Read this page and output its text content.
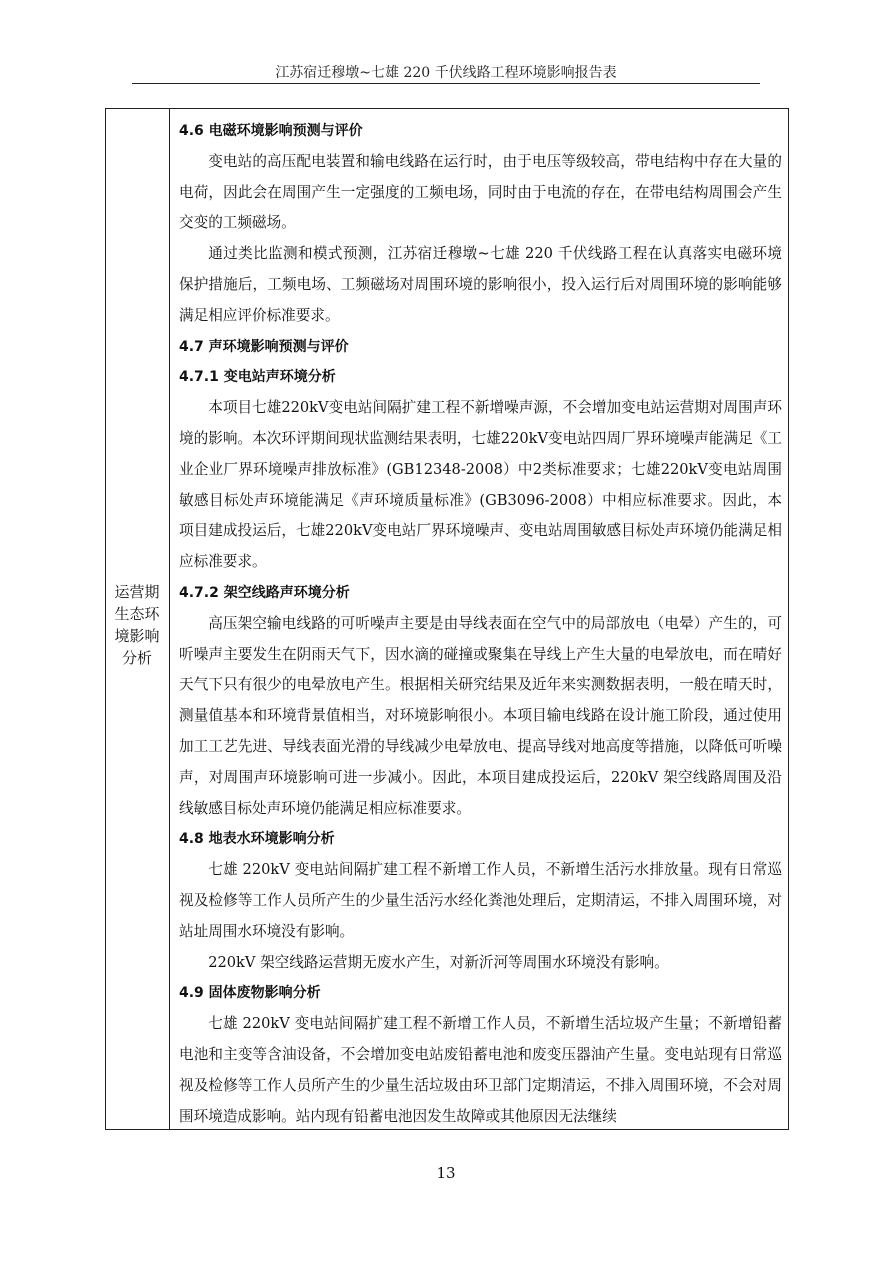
江苏宿迁穆墩~七雄 220 千伏线路工程环境影响报告表
运营期
生态环
境影响
分析
4.6 电磁环境影响预测与评价

变电站的高压配电装置和输电线路在运行时，由于电压等级较高，带电结构中存在大量的电荷，因此会在周围产生一定强度的工频电场，同时由于电流的存在，在带电结构周围会产生交变的工频磁场。

通过类比监测和模式预测，江苏宿迁穆墩~七雄 220 千伏线路工程在认真落实电磁环境保护措施后，工频电场、工频磁场对周围环境的影响很小，投入运行后对周围环境的影响能够满足相应评价标准要求。

4.7 声环境影响预测与评价
4.7.1 变电站声环境分析

本项目七雄220kV变电站间隔扩建工程不新增噪声源，不会增加变电站运营期对周围声环境的影响。本次环评期间现状监测结果表明，七雄220kV变电站四周厂界环境噪声能满足《工业企业厂界环境噪声排放标准》(GB12348-2008）中2类标准要求；七雄220kV变电站周围敏感目标处声环境能满足《声环境质量标准》(GB3096-2008）中相应标准要求。因此，本项目建成投运后，七雄220kV变电站厂界环境噪声、变电站周围敏感目标处声环境仍能满足相应标准要求。

4.7.2 架空线路声环境分析

高压架空输电线路的可听噪声主要是由导线表面在空气中的局部放电（电晕）产生的，可听噪声主要发生在阴雨天气下，因水滴的碰撞或聚集在导线上产生大量的电晕放电，而在晴好天气下只有很少的电晕放电产生。根据相关研究结果及近年来实测数据表明，一般在晴天时，测量值基本和环境背景值相当，对环境影响很小。本项目输电线路在设计施工阶段，通过使用加工工艺先进、导线表面光滑的导线减少电晕放电、提高导线对地高度等措施，以降低可听噪声，对周围声环境影响可进一步减小。因此，本项目建成投运后，220kV 架空线路周围及沿线敏感目标处声环境仍能满足相应标准要求。

4.8 地表水环境影响分析

七雄 220kV 变电站间隔扩建工程不新增工作人员，不新增生活污水排放量。现有日常巡视及检修等工作人员所产生的少量生活污水经化粪池处理后，定期清运，不排入周围环境，对站址周围水环境没有影响。

220kV 架空线路运营期无废水产生，对新沂河等周围水环境没有影响。

4.9 固体废物影响分析

七雄 220kV 变电站间隔扩建工程不新增工作人员，不新增生活垃圾产生量；不新增铅蓄电池和主变等含油设备，不会增加变电站废铅蓄电池和废变压器油产生量。变电站现有日常巡视及检修等工作人员所产生的少量生活垃圾由环卫部门定期清运，不排入周围环境，不会对周围环境造成影响。站内现有铅蓄电池因发生故障或其他原因无法继续

13
